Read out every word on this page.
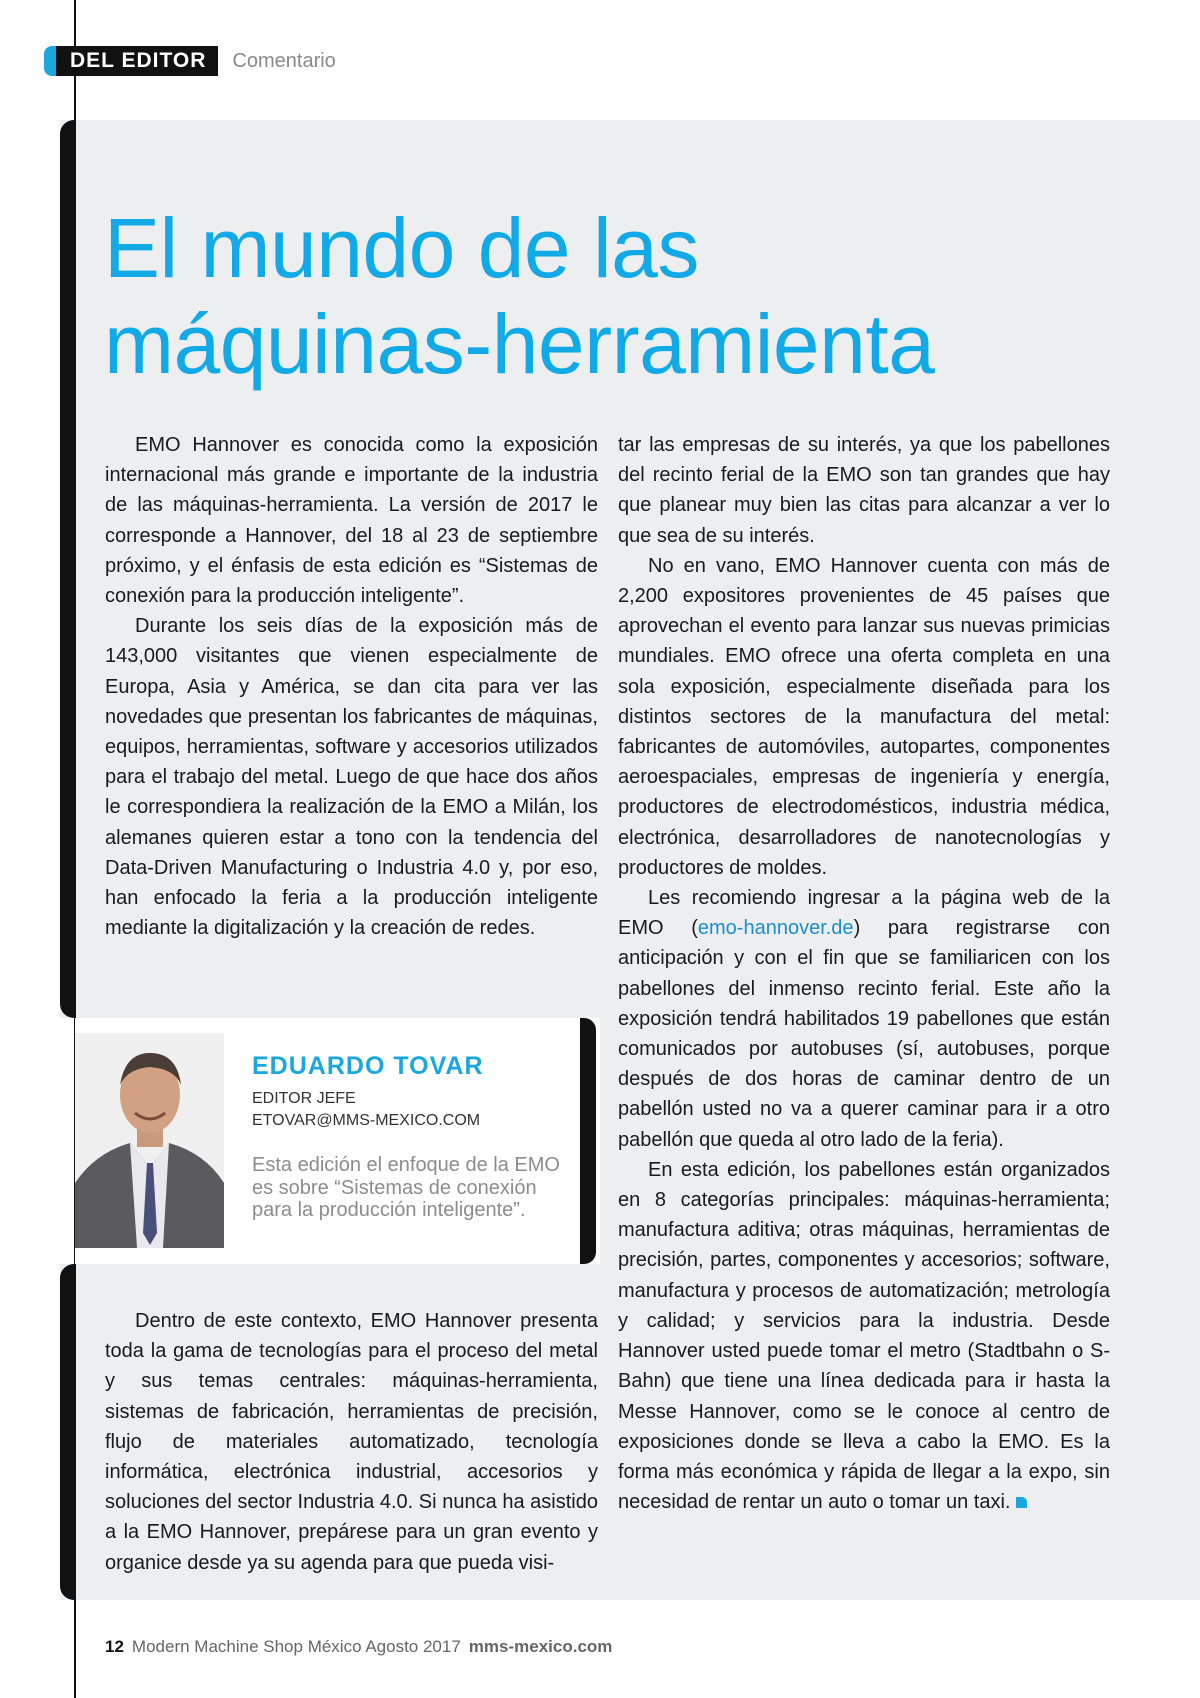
DEL EDITOR	Comentario
El mundo de las
máquinas-herramienta

EMO Hannover es conocida como la exposición internacional más grande e importante de la industria de las máquinas-herramienta. La versión de 2017 le corresponde a Hannover, del 18 al 23 de septiembre próximo, y el énfasis de esta edición es “Sistemas de conexión para la producción inteligente”.

Durante los seis días de la exposición más de 143,000 visitantes que vienen especialmente de Europa, Asia y América, se dan cita para ver las novedades que presentan los fabricantes de máquinas, equipos, herramientas, software y accesorios utilizados para el trabajo del metal. Luego de que hace dos años le correspondiera la realización de la EMO a Milán, los alemanes quieren estar a tono con la tendencia del Data-Driven Manufacturing o Industria 4.0 y, por eso, han enfocado la feria a la producción inteligente mediante la digitalización y la creación de redes.

EDUARDO TOVAR
EDITOR JEFE
ETOVAR@MMS-MEXICO.COM
Esta edición el enfoque de la EMO es sobre “Sistemas de conexión para la producción inteligente”.

Dentro de este contexto, EMO Hannover presenta toda la gama de tecnologías para el proceso del metal y sus temas centrales: máquinas-herramienta, sistemas de fabricación, herramientas de precisión, flujo de materiales automatizado, tecnología informática, electrónica industrial, accesorios y soluciones del sector Industria 4.0. Si nunca ha asistido a la EMO Hannover, prepárese para un gran evento y organice desde ya su agenda para que pueda visi-

tar las empresas de su interés, ya que los pabellones del recinto ferial de la EMO son tan grandes que hay que planear muy bien las citas para alcanzar a ver lo que sea de su interés.

No en vano, EMO Hannover cuenta con más de 2,200 expositores provenientes de 45 países que aprovechan el evento para lanzar sus nuevas primicias mundiales. EMO ofrece una oferta completa en una sola exposición, especialmente diseñada para los distintos sectores de la manufactura del metal: fabricantes de automóviles, autopartes, componentes aeroespaciales, empresas de ingeniería y energía, productores de electrodomésticos, industria médica, electrónica, desarrolladores de nanotecnologías y productores de moldes.

Les recomiendo ingresar a la página web de la EMO (emo-hannover.de) para registrarse con anticipación y con el fin que se familiaricen con los pabellones del inmenso recinto ferial. Este año la exposición tendrá habilitados 19 pabellones que están comunicados por autobuses (sí, autobuses, porque después de dos horas de caminar dentro de un pabellón usted no va a querer caminar para ir a otro pabellón que queda al otro lado de la feria).

En esta edición, los pabellones están organizados en 8 categorías principales: máquinas-herramienta; manufactura aditiva; otras máquinas, herramientas de precisión, partes, componentes y accesorios; software, manufactura y procesos de automatización; metrología y calidad; y servicios para la industria. Desde Hannover usted puede tomar el metro (Stadtbahn o S-Bahn) que tiene una línea dedicada para ir hasta la Messe Hannover, como se le conoce al centro de exposiciones donde se lleva a cabo la EMO. Es la forma más económica y rápida de llegar a la expo, sin necesidad de rentar un auto o tomar un taxi.

12 Modern Machine Shop México Agosto 2017 mms-mexico.com
